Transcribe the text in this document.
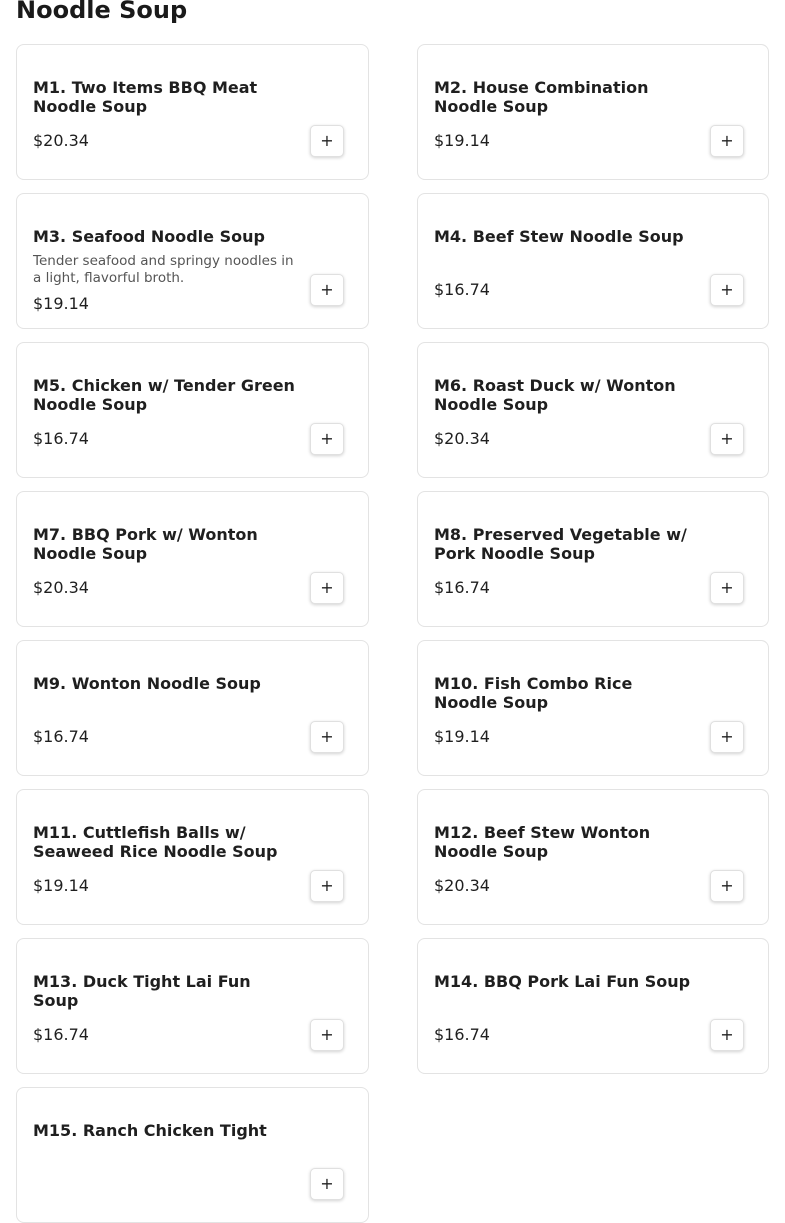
Noodle Soup
M1. Two Items BBQ Meat Noodle Soup
$20.34	+
M2. House Combination Noodle Soup
$19.14	+
M3. Seafood Noodle Soup
Tender seafood and springy noodles in a light, flavorful broth.
$19.14
+
M4. Beef Stew Noodle Soup
$16.74	+
M5. Chicken w/ Tender Green Noodle Soup
$16.74	+
M6. Roast Duck w/ Wonton Noodle Soup
$20.34	+
M7. BBQ Pork w/ Wonton Noodle Soup
$20.34	+
M8. Preserved Vegetable w/ Pork Noodle Soup
$16.74	+
M9. Wonton Noodle Soup
$16.74	+
M10. Fish Combo Rice Noodle Soup
$19.14	+
M11. Cuttlefish Balls w/ Seaweed Rice Noodle Soup
$19.14	+
M12. Beef Stew Wonton Noodle Soup
$20.34	+
M13. Duck Tight Lai Fun Soup
$16.74	+
M14. BBQ Pork Lai Fun Soup
$16.74	+
M15. Ranch Chicken Tight
+
